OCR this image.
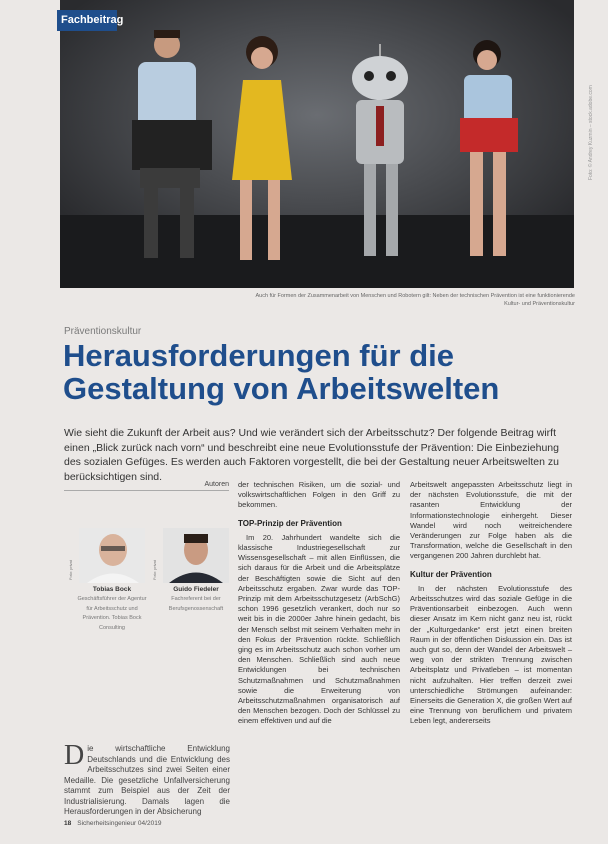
Fachbeitrag
Foto: © Andrey Kuzmin – stock.adobe.com
Auch für Formen der Zusammenarbeit von Menschen und Robotern gilt: Neben der technischen Prävention ist eine funktionierende Kultur- und Präventionskultur
Präventionskultur
Herausforderungen für die Gestaltung von Arbeitswelten
Wie sieht die Zukunft der Arbeit aus? Und wie verändert sich der Arbeitsschutz? Der folgende Beitrag wirft einen „Blick zurück nach vorn“ und beschreibt eine neue Evolutionsstufe der Prävention: Die Einbeziehung des sozialen Gefüges. Es werden auch Faktoren vorgestellt, die bei der Gestaltung neuer Arbeitswelten zu berücksichtigen sind.
Autoren
Foto: privat	Foto: privat
Tobias Bock	Guido Fiedeler
Geschäftsführer der Agentur für Arbeitsschutz und Prävention. Tobias Bock Consulting
Fachreferent bei der Berufsgenossenschaft
Die wirtschaftliche Entwicklung Deutschlands und die Entwicklung des Arbeitsschutzes sind zwei Seiten einer Medaille. Die gesetzliche Unfallversicherung stammt zum Beispiel aus der Zeit der Industrialisierung. Damals lagen die Herausforderungen in der Absicherung

der technischen Risiken, um die sozial- und volkswirtschaftlichen Folgen in den Griff zu bekommen.

TOP-Prinzip der Prävention

Im 20. Jahrhundert wandelte sich die klassische Industriegesellschaft zur Wissensgesellschaft – mit allen Einflüssen, die sich daraus für die Arbeit und die Arbeitsplätze der Beschäftigten sowie die Sicht auf den Arbeitsschutz ergaben. Zwar wurde das TOP-Prinzip mit dem Arbeitsschutzgesetz (ArbSchG) schon 1996 gesetzlich verankert, doch nur so weit bis in die 2000er Jahre hinein gedacht, bis der Mensch selbst mit seinem Verhalten mehr in den Fokus der Prävention rückte. Schließlich ging es im Arbeitsschutz auch schon vorher um den Menschen. Schließlich sind auch neue Entwicklungen bei technischen Schutzmaßnahmen und Schutzmaßnahmen sowie die Erweiterung von Arbeitsschutzmaßnahmen organisatorisch auf den Menschen bezogen. Doch der Schlüssel zu einem effektiven und auf die

Arbeitswelt angepassten Arbeitsschutz liegt in der nächsten Evolutionsstufe, die mit der rasanten Entwicklung der Informationstechnologie einhergeht. Dieser Wandel wird noch weitreichendere Veränderungen zur Folge haben als die Transformation, welche die Gesellschaft in den vergangenen 200 Jahren durchlebt hat.

Kultur der Prävention

In der nächsten Evolutionsstufe des Arbeitsschutzes wird das soziale Gefüge in die Präventionsarbeit einbezogen. Auch wenn dieser Ansatz im Kern nicht ganz neu ist, rückt der „Kulturgedanke“ erst jetzt einen breiten Raum in der öffentlichen Diskussion ein. Das ist auch gut so, denn der Wandel der Arbeitswelt – weg von der strikten Trennung zwischen Arbeitsplatz und Privatleben – ist momentan nicht aufzuhalten. Hier treffen derzeit zwei unterschiedliche Strömungen aufeinander: Einerseits die Generation X, die großen Wert auf eine Trennung von beruflichem und privatem Leben legt, andererseits

18 Sicherheitsingenieur 04/2019
